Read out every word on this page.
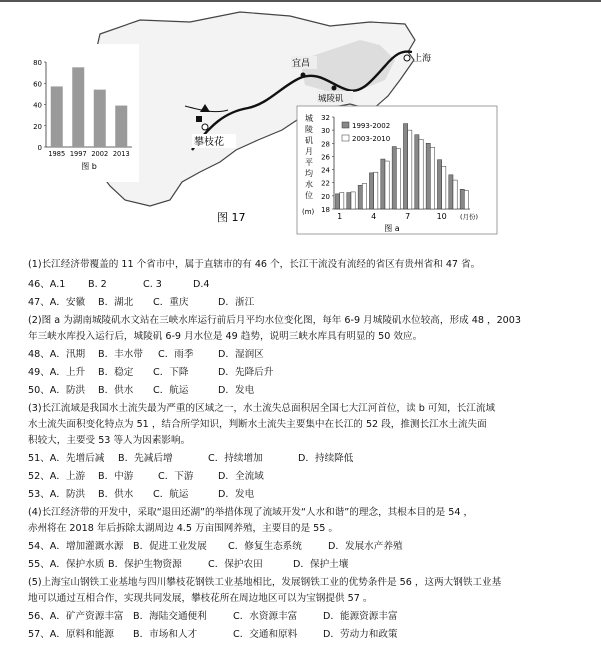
宜昌	上海
城陵矶
攀枝花
80
60
40
20
0
1985 1997 2002 2013
图 b
城
陵
矶
月
平
均
水
位
(m)
32
30
28
26
24
22
20
18
1	4	7	10 (月份)
图 a
1993-2002
2003-2010
图 17
(1)长江经济带覆盖的 11 个省市中，属于直辖市的有 46 个，长江干流没有流经的省区有贵州省和 47 省。
46、A.1 B. 2	C. 3	D.4
47、A．安徽 B．湖北 C．重庆	D．浙江
(2)图 a 为湖南城陵矶水文站在三峡水库运行前后月平均水位变化图，每年 6-9 月城陵矶水位较高，形成 48 ，2003
年三峡水库投入运行后，城陵矶 6-9 月水位是 49 趋势，说明三峡水库具有明显的 50 效应。
48、A．汛期 B．丰水带 C．雨季	D．湿润区
49、A．上升 B．稳定 C．下降	D．先降后升
50、A．防洪 B．供水 C．航运	D．发电
(3)长江流域是我国水土流失最为严重的区域之一，水土流失总面积居全国七大江河首位，读 b 可知，长江流域
水土流失面积变化特点为 51 ，结合所学知识，判断水土流失主要集中在长江的 52 段，推测长江水土流失面
积较大，主要受 53 等人为因素影响。
51、A．先增后减 B．先减后增	C．持续增加	D．持续降低
52、A．上游 B．中游	C．下游	D．全流域
53、A．防洪 B．供水 C．航运	D．发电
(4)长江经济带的开发中，采取“退田还湖”的举措体现了流域开发“人水和谐”的理念，其根本目的是 54 ，
赤州将在 2018 年后拆除太湖周边 4.5 万亩围网养殖，主要目的是 55 。
54、A．增加灌溉水源 B．促进工业发展 C．修复生态系统	D．发展水产养殖
55、A．保护水质 B．保护生物资源	C．保护农田	D．保护土壤
(5)上海宝山钢铁工业基地与四川攀枝花钢铁工业基地相比，发展钢铁工业的优势条件是 56 ，这两大钢铁工业基
地可以通过互相合作，实现共同发展，攀枝花所在周边地区可以为宝钢提供 57 。
56、A．矿产资源丰富 B．海陆交通便利	C．水资源丰富	D．能源资源丰富
57、A．原料和能源 B．市场和人才	C．交通和原料	D．劳动力和政策
